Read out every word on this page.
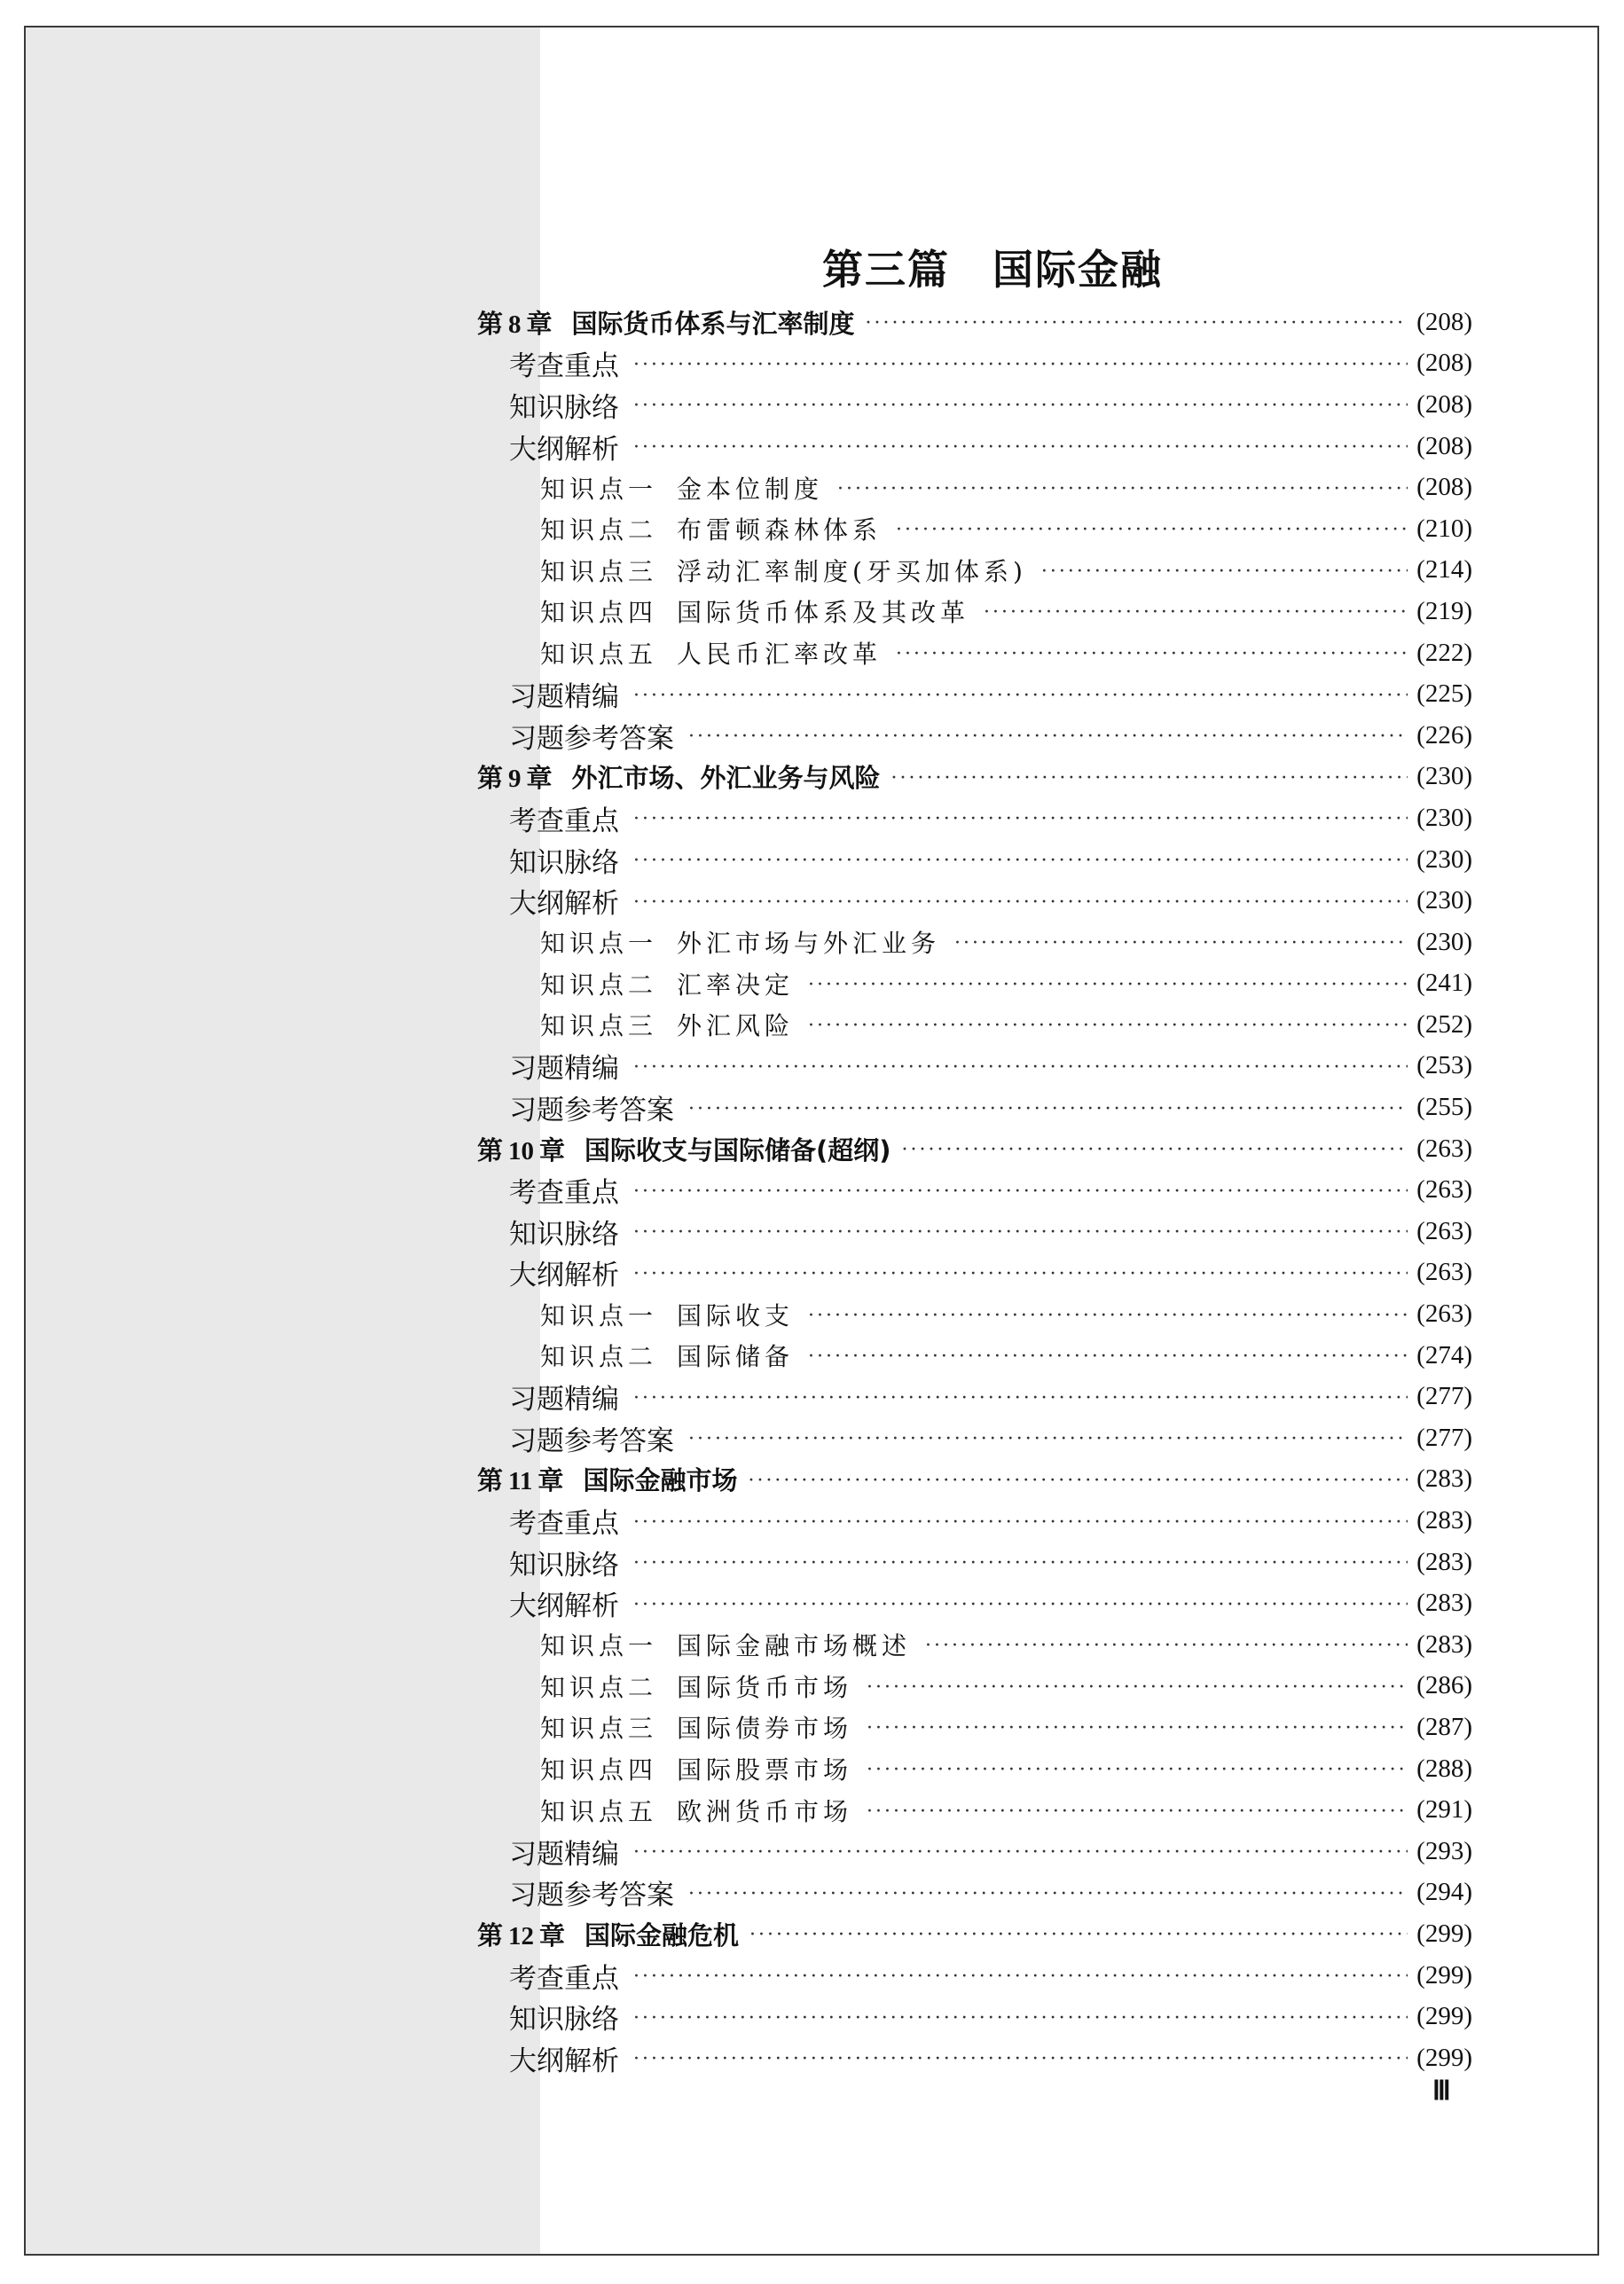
第三篇　国际金融
第 8 章 国际货币体系与汇率制度 ·····	(208)
考查重点 ·····	(208)
知识脉络 ·····	(208)
大纲解析 ·····	(208)
知识点一 金本位制度 ·····	(208)
知识点二 布雷顿森林体系 ·····	(210)
知识点三 浮动汇率制度(牙买加体系) ·····	(214)
知识点四 国际货币体系及其改革 ·····	(219)
知识点五 人民币汇率改革 ·····	(222)
习题精编 ·····	(225)
习题参考答案 ·····	(226)
第 9 章 外汇市场、外汇业务与风险 ·····	(230)
考查重点 ·····	(230)
知识脉络 ·····	(230)
大纲解析 ·····	(230)
知识点一 外汇市场与外汇业务 ·····	(230)
知识点二 汇率决定 ·····	(241)
知识点三 外汇风险 ·····	(252)
习题精编 ·····	(253)
习题参考答案 ·····	(255)
第 10 章 国际收支与国际储备(超纲) ·····	(263)
考查重点 ·····	(263)
知识脉络 ·····	(263)
大纲解析 ·····	(263)
知识点一 国际收支 ·····	(263)
知识点二 国际储备 ·····	(274)
习题精编 ·····	(277)
习题参考答案 ·····	(277)
第 11 章 国际金融市场 ·····	(283)
考查重点 ·····	(283)
知识脉络 ·····	(283)
大纲解析 ·····	(283)
知识点一 国际金融市场概述 ·····	(283)
知识点二 国际货币市场 ·····	(286)
知识点三 国际债券市场 ·····	(287)
知识点四 国际股票市场 ·····	(288)
知识点五 欧洲货币市场 ·····	(291)
习题精编 ·····	(293)
习题参考答案 ·····	(294)
第 12 章 国际金融危机 ·····	(299)
考查重点 ·····	(299)
知识脉络 ·····	(299)
大纲解析 ·····	(299)
Ⅲ
